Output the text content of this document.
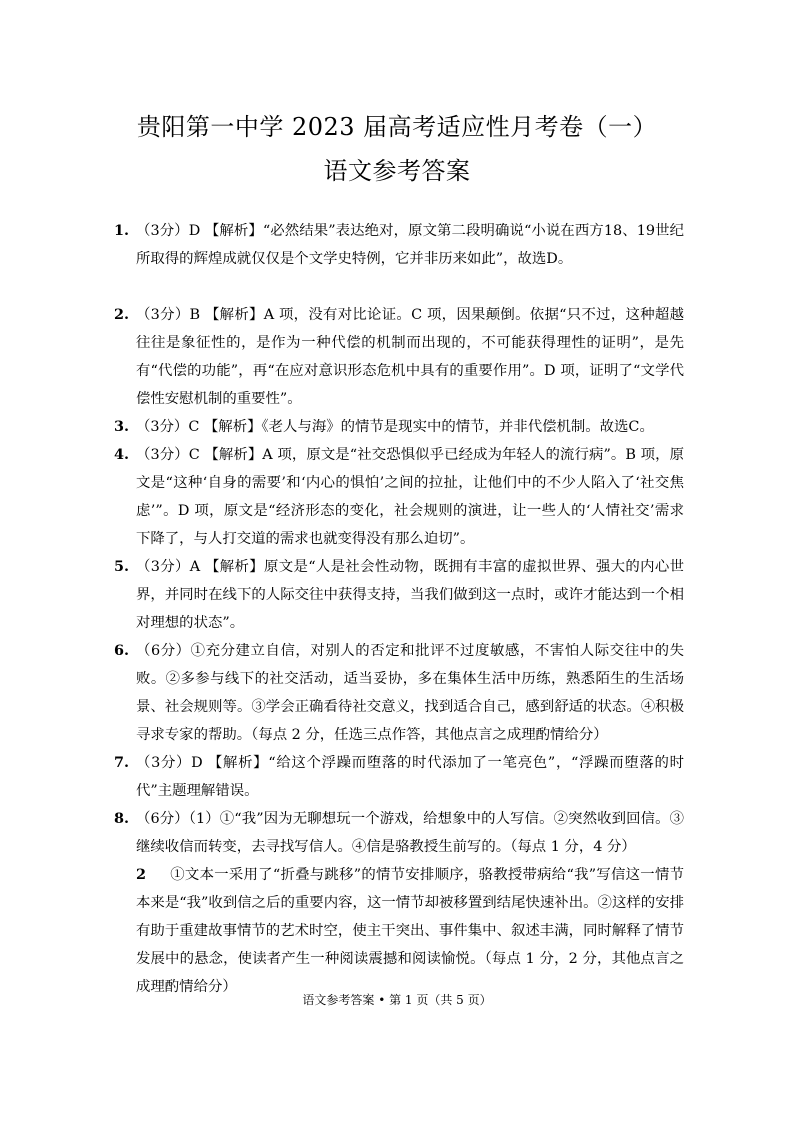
贵阳第一中学 2023 届高考适应性月考卷（一）
语文参考答案
1. （3分）D 【解析】“必然结果”表达绝对，原文第二段明确说“小说在西方18、19世纪所取得的辉煌成就仅仅是个文学史特例，它并非历来如此”，故选D。
2. （3分）B 【解析】A 项，没有对比论证。C 项，因果颠倒。依据“只不过，这种超越往往是象征性的，是作为一种代偿的机制而出现的，不可能获得理性的证明”，是先有“代偿的功能”，再“在应对意识形态危机中具有的重要作用”。D 项，证明了“文学代偿性安慰机制的重要性”。
3. （3分）C 【解析】《老人与海》的情节是现实中的情节，并非代偿机制。故选C。
4. （3分）C 【解析】A 项，原文是“社交恐惧似乎已经成为年轻人的流行病”。B 项，原文是“这种‘自身的需要’和‘内心的惧怕’之间的拉扯，让他们中的不少人陷入了‘社交焦虑’”。D 项，原文是“经济形态的变化，社会规则的演进，让一些人的‘人情社交’需求下降了，与人打交道的需求也就变得没有那么迫切”。
5. （3分）A 【解析】原文是“人是社会性动物，既拥有丰富的虚拟世界、强大的内心世界，并同时在线下的人际交往中获得支持，当我们做到这一点时，或许才能达到一个相对理想的状态”。
6. （6分）①充分建立自信，对别人的否定和批评不过度敏感，不害怕人际交往中的失败。②多参与线下的社交活动，适当妥协，多在集体生活中历练，熟悉陌生的生活场景、社会规则等。③学会正确看待社交意义，找到适合自己，感到舒适的状态。④积极寻求专家的帮助。（每点 2 分，任选三点作答，其他点言之成理酌情给分）
7. （3分）D 【解析】“给这个浮躁而堕落的时代添加了一笔亮色”，“浮躁而堕落的时代”主题理解错误。
8. （6分）（1）①“我”因为无聊想玩一个游戏，给想象中的人写信。②突然收到回信。③继续收信而转变，去寻找写信人。④信是骆教授生前写的。（每点 1 分，4 分）
2 ①文本一采用了“折叠与跳移”的情节安排顺序，骆教授带病给“我”写信这一情节本来是“我”收到信之后的重要内容，这一情节却被移置到结尾快速补出。②这样的安排有助于重建故事情节的艺术时空，使主干突出、事件集中、叙述丰满，同时解释了情节发展中的悬念，使读者产生一种阅读震撼和阅读愉悦。（每点 1 分，2 分，其他点言之成理酌情给分）
语文参考答案 • 第 1 页（共 5 页）
